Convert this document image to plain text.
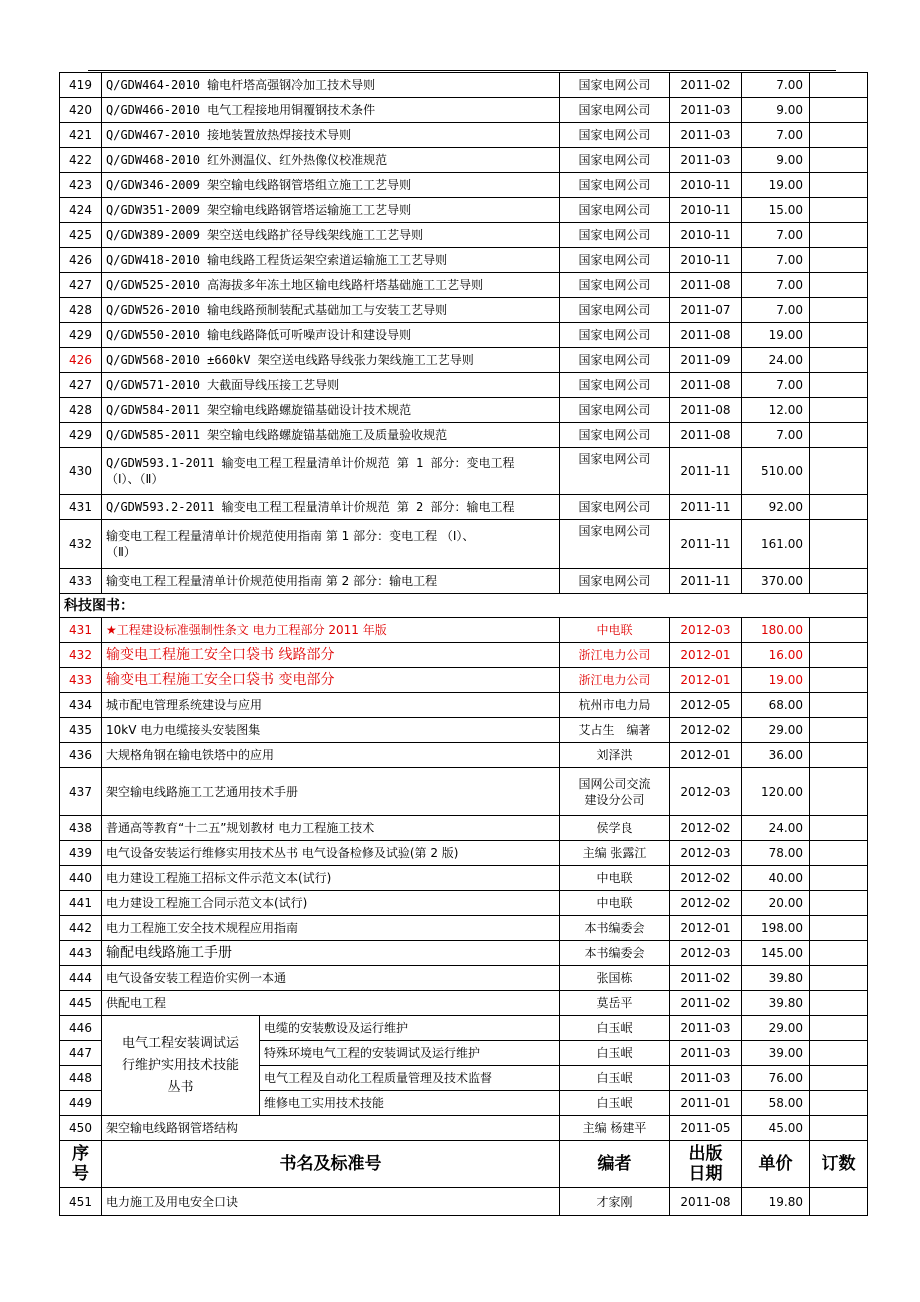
419	Q/GDW464-2010 输电杆塔高强钢冷加工技术导则		国家电网公司	2011-02	7.00	
420	Q/GDW466-2010 电气工程接地用铜覆钢技术条件		国家电网公司	2011-03	9.00	
421	Q/GDW467-2010 接地装置放热焊接技术导则		国家电网公司	2011-03	7.00	
422	Q/GDW468-2010 红外测温仪、红外热像仪校准规范		国家电网公司	2011-03	9.00	
423	Q/GDW346-2009 架空输电线路钢管塔组立施工工艺导则		国家电网公司	2010-11	19.00	
424	Q/GDW351-2009 架空输电线路钢管塔运输施工工艺导则		国家电网公司	2010-11	15.00	
425	Q/GDW389-2009 架空送电线路扩径导线架线施工工艺导则		国家电网公司	2010-11	7.00	
426	Q/GDW418-2010 输电线路工程货运架空索道运输施工工艺导则		国家电网公司	2010-11	7.00	
427	Q/GDW525-2010 高海拔多年冻土地区输电线路杆塔基础施工工艺导则		国家电网公司	2011-08	7.00	
428	Q/GDW526-2010 输电线路预制装配式基础加工与安装工艺导则		国家电网公司	2011-07	7.00	
429	Q/GDW550-2010 输电线路降低可听噪声设计和建设导则		国家电网公司	2011-08	19.00	
426	Q/GDW568-2010 ±660kV 架空送电线路导线张力架线施工工艺导则		国家电网公司	2011-09	24.00	
427	Q/GDW571-2010 大截面导线压接工艺导则		国家电网公司	2011-08	7.00	
428	Q/GDW584-2011 架空输电线路螺旋锚基础设计技术规范		国家电网公司	2011-08	12.00	
429	Q/GDW585-2011 架空输电线路螺旋锚基础施工及质量验收规范		国家电网公司	2011-08	7.00	
430	Q/GDW593.1-2011 输变电工程工程量清单计价规范 第 1 部分：变电工程
（Ⅰ）、（Ⅱ）		国家电网公司	2011-11	510.00	
431	Q/GDW593.2-2011 输变电工程工程量清单计价规范 第 2 部分：输电工程		国家电网公司	2011-11	92.00	
432	输变电工程工程量清单计价规范使用指南 第 1 部分：变电工程 （Ⅰ）、
（Ⅱ）		国家电网公司	2011-11	161.00	
433	输变电工程工程量清单计价规范使用指南 第 2 部分：输电工程		国家电网公司	2011-11	370.00	
科技图书：						
431	★工程建设标准强制性条文 电力工程部分 2011 年版		中电联	2012-03	180.00	
432	输变电工程施工安全口袋书 线路部分		浙江电力公司	2012-01	16.00	
433	输变电工程施工安全口袋书 变电部分		浙江电力公司	2012-01	19.00	
434	城市配电管理系统建设与应用		杭州市电力局	2012-05	68.00	
435	10kV 电力电缆接头安装图集		艾占生　编著	2012-02	29.00	
436	大规格角钢在输电铁塔中的应用		刘泽洪	2012-01	36.00	
437	架空输电线路施工工艺通用技术手册		国网公司交流
建设分公司	2012-03	120.00	
438	普通高等教育“十二五”规划教材 电力工程施工技术		侯学良	2012-02	24.00	
439	电气设备安装运行维修实用技术丛书 电气设备检修及试验(第 2 版)		主编 张露江	2012-03	78.00	
440	电力建设工程施工招标文件示范文本(试行)		中电联	2012-02	40.00	
441	电力建设工程施工合同示范文本(试行)		中电联	2012-02	20.00	
442	电力工程施工安全技术规程应用指南		本书编委会	2012-01	198.00	
443	输配电线路施工手册		本书编委会	2012-03	145.00	
444	电气设备安装工程造价实例一本通		张国栋	2011-02	39.80	
445	供配电工程		莫岳平	2011-02	39.80	
446	电气工程安装调试运
行维护实用技术技能
丛书	电缆的安装敷设及运行维护	白玉岷	2011-03	29.00	
447		特殊环境电气工程的安装调试及运行维护	白玉岷	2011-03	39.00	
448		电气工程及自动化工程质量管理及技术监督	白玉岷	2011-03	76.00	
449		维修电工实用技术技能	白玉岷	2011-01	58.00	
450	架空输电线路钢管塔结构		主编 杨建平	2011-05	45.00	
序
号	书名及标准号		编者	出版
日期	单价	订数
451	电力施工及用电安全口诀		才家刚	2011-08	19.80	
